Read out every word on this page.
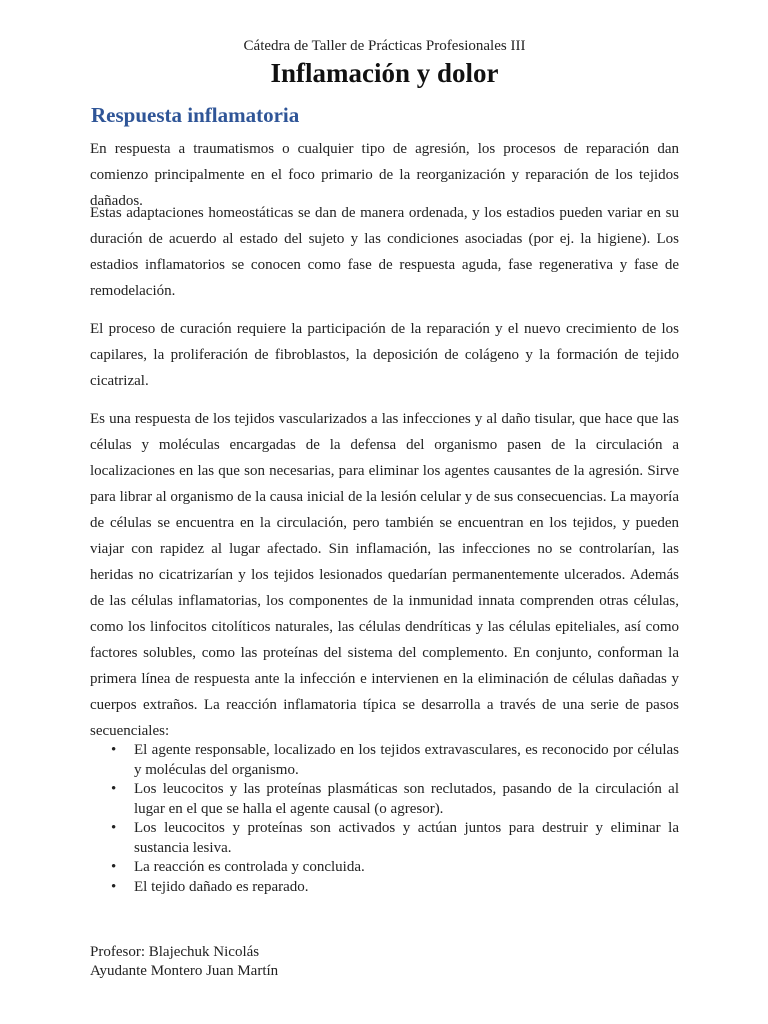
Cátedra de Taller de Prácticas Profesionales III
Inflamación y dolor
Respuesta inflamatoria

En respuesta a traumatismos o cualquier tipo de agresión, los procesos de reparación dan comienzo principalmente en el foco primario de la reorganización y reparación de los tejidos dañados.

Estas adaptaciones homeostáticas se dan de manera ordenada, y los estadios pueden variar en su duración de acuerdo al estado del sujeto y las condiciones asociadas (por ej. la higiene). Los estadios inflamatorios se conocen como fase de respuesta aguda, fase regenerativa y fase de remodelación.

El proceso de curación requiere la participación de la reparación y el nuevo crecimiento de los capilares, la proliferación de fibroblastos, la deposición de colágeno y la formación de tejido cicatrizal.

Es una respuesta de los tejidos vascularizados a las infecciones y al daño tisular, que hace que las células y moléculas encargadas de la defensa del organismo pasen de la circulación a localizaciones en las que son necesarias, para eliminar los agentes causantes de la agresión. Sirve para librar al organismo de la causa inicial de la lesión celular y de sus consecuencias. La mayoría de células se encuentra en la circulación, pero también se encuentran en los tejidos, y pueden viajar con rapidez al lugar afectado. Sin inflamación, las infecciones no se controlarían, las heridas no cicatrizarían y los tejidos lesionados quedarían permanentemente ulcerados. Además de las células inflamatorias, los componentes de la inmunidad innata comprenden otras células, como los linfocitos citolíticos naturales, las células dendríticas y las células epiteliales, así como factores solubles, como las proteínas del sistema del complemento. En conjunto, conforman la primera línea de respuesta ante la infección e intervienen en la eliminación de células dañadas y cuerpos extraños. La reacción inflamatoria típica se desarrolla a través de una serie de pasos secuenciales:

•	El agente responsable, localizado en los tejidos extravasculares, es reconocido por células y moléculas del organismo.
•	Los leucocitos y las proteínas plasmáticas son reclutados, pasando de la circulación al lugar en el que se halla el agente causal (o agresor).
•	Los leucocitos y proteínas son activados y actúan juntos para destruir y eliminar la sustancia lesiva.
•	La reacción es controlada y concluida.
•	El tejido dañado es reparado.
Profesor: Blajechuk Nicolás
Ayudante Montero Juan Martín
